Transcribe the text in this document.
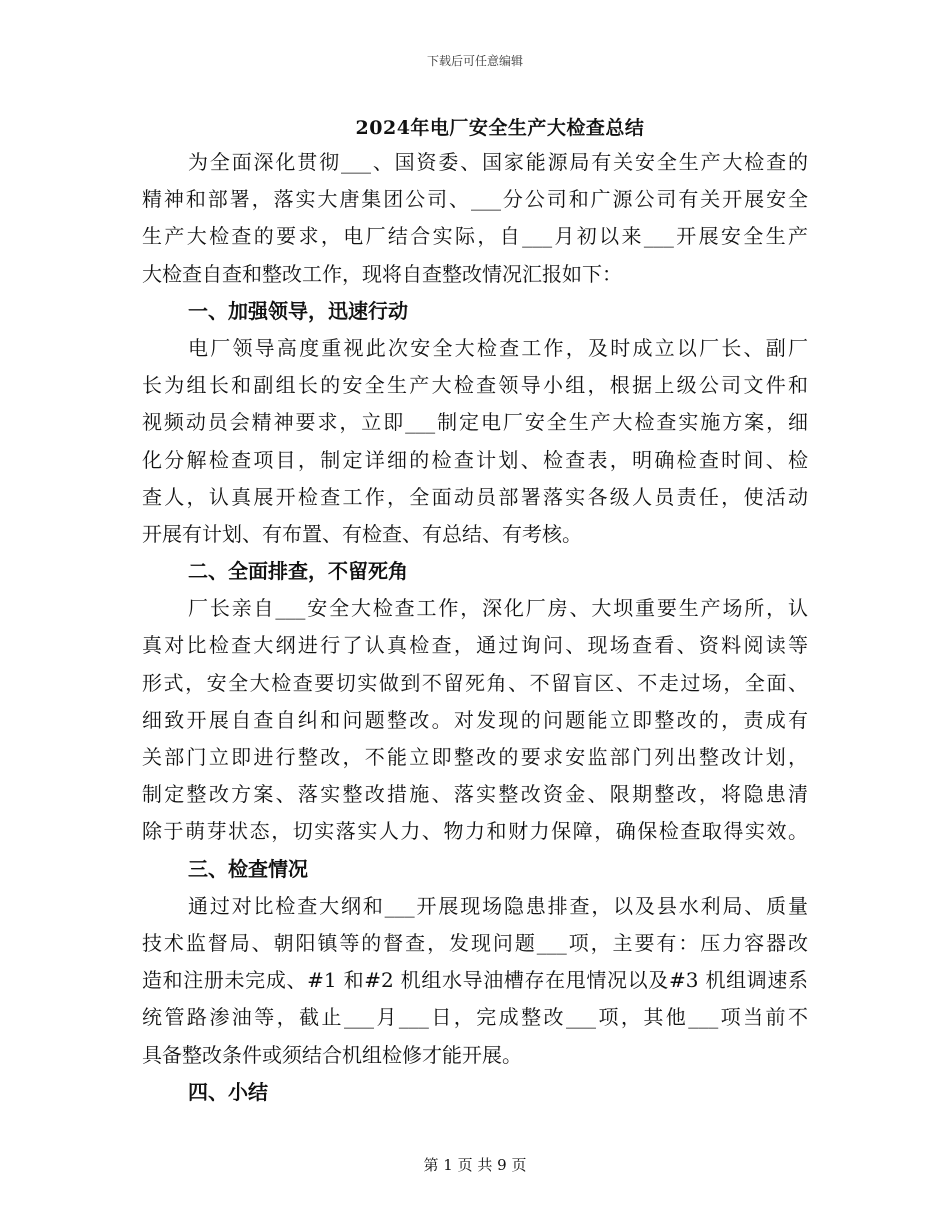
下载后可任意编辑
2024年电厂安全生产大检查总结
为全面深化贯彻___、国资委、国家能源局有关安全生产大检查的
精神和部署，落实大唐集团公司、___分公司和广源公司有关开展安全
生产大检查的要求，电厂结合实际，自___月初以来___开展安全生产
大检查自查和整改工作，现将自查整改情况汇报如下：
一、加强领导，迅速行动
电厂领导高度重视此次安全大检查工作，及时成立以厂长、副厂
长为组长和副组长的安全生产大检查领导小组，根据上级公司文件和
视频动员会精神要求，立即___制定电厂安全生产大检查实施方案，细
化分解检查项目，制定详细的检查计划、检查表，明确检查时间、检
查人，认真展开检查工作，全面动员部署落实各级人员责任，使活动
开展有计划、有布置、有检查、有总结、有考核。
二、全面排查，不留死角
厂长亲自___安全大检查工作，深化厂房、大坝重要生产场所，认
真对比检查大纲进行了认真检查，通过询问、现场查看、资料阅读等
形式，安全大检查要切实做到不留死角、不留盲区、不走过场，全面、
细致开展自查自纠和问题整改。对发现的问题能立即整改的，责成有
关部门立即进行整改，不能立即整改的要求安监部门列出整改计划，
制定整改方案、落实整改措施、落实整改资金、限期整改，将隐患清
除于萌芽状态，切实落实人力、物力和财力保障，确保检查取得实效。
三、检查情况
通过对比检查大纲和___开展现场隐患排查，以及县水利局、质量
技术监督局、朝阳镇等的督查，发现问题___项，主要有：压力容器改
造和注册未完成、#1 和#2 机组水导油槽存在甩情况以及#3 机组调速系
统管路渗油等，截止___月___日，完成整改___项，其他___项当前不
具备整改条件或须结合机组检修才能开展。
四、小结
第 1 页 共 9 页
